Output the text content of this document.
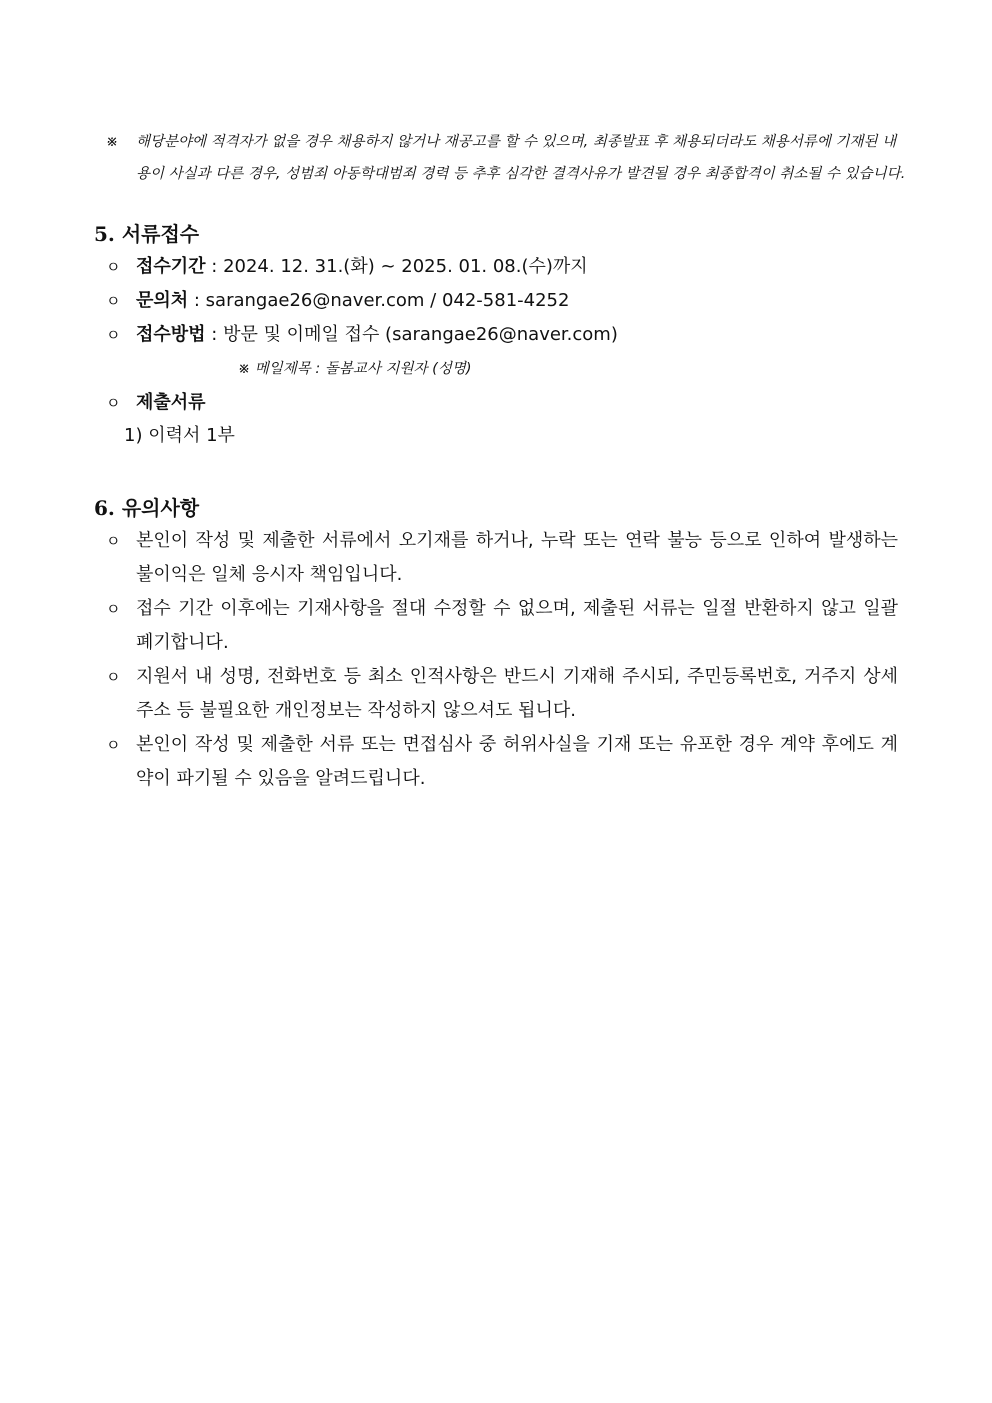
※ 해당분야에 적격자가 없을 경우 채용하지 않거나 재공고를 할 수 있으며, 최종발표 후 채용되더라도 채용서류에 기재된 내용이 사실과 다른 경우, 성범죄 아동학대범죄 경력 등 추후 심각한 결격사유가 발견될 경우 최종합격이 취소될 수 있습니다.
5. 서류접수
ㅇ 접수기간 : 2024. 12. 31.(화) ~ 2025. 01. 08.(수)까지
ㅇ 문의처 : sarangae26@naver.com / 042-581-4252
ㅇ 접수방법 : 방문 및 이메일 접수 (sarangae26@naver.com)
※ 메일제목 : 돌봄교사 지원자 (성명)
ㅇ 제출서류
1) 이력서 1부
6. 유의사항
ㅇ 본인이 작성 및 제출한 서류에서 오기재를 하거나, 누락 또는 연락 불능 등으로 인하여 발생하는 불이익은 일체 응시자 책임입니다.
ㅇ 접수 기간 이후에는 기재사항을 절대 수정할 수 없으며, 제출된 서류는 일절 반환하지 않고 일괄 폐기합니다.
ㅇ 지원서 내 성명, 전화번호 등 최소 인적사항은 반드시 기재해 주시되, 주민등록번호, 거주지 상세주소 등 불필요한 개인정보는 작성하지 않으셔도 됩니다.
ㅇ 본인이 작성 및 제출한 서류 또는 면접심사 중 허위사실을 기재 또는 유포한 경우 계약 후에도 계약이 파기될 수 있음을 알려드립니다.
